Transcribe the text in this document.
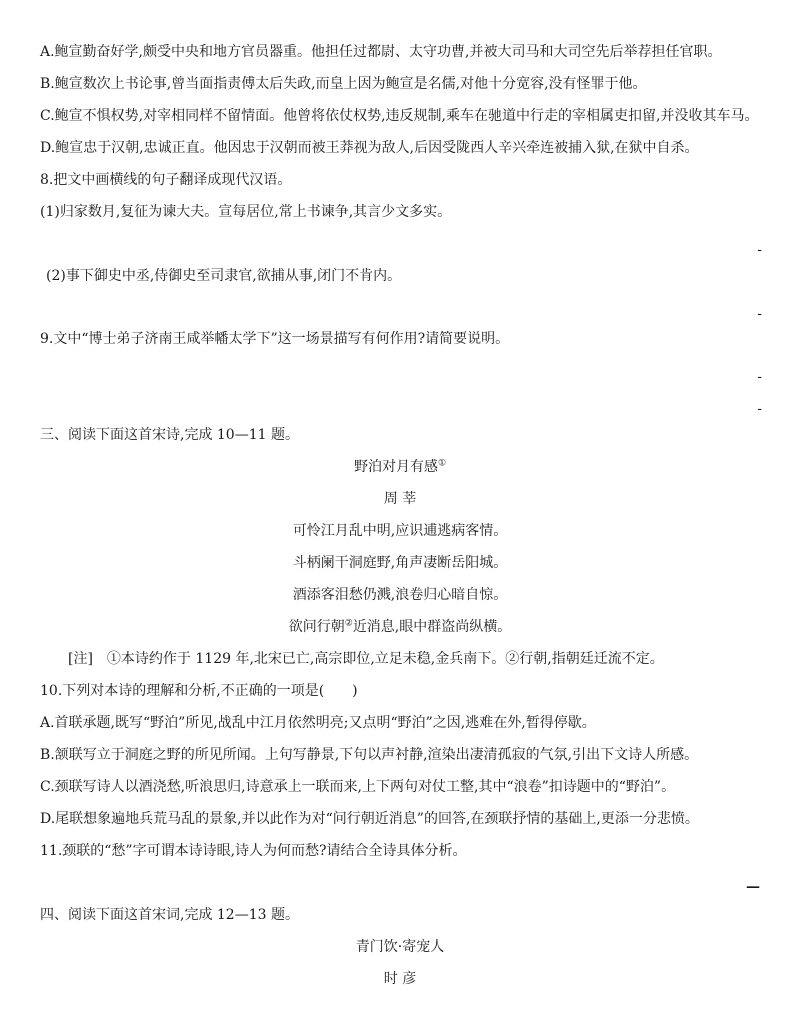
A.鲍宣勤奋好学,颇受中央和地方官员器重。他担任过都尉、太守功曹,并被大司马和大司空先后举荐担任官职。
B.鲍宣数次上书论事,曾当面指责傅太后失政,而皇上因为鲍宣是名儒,对他十分宽容,没有怪罪于他。
C.鲍宣不惧权势,对宰相同样不留情面。他曾将依仗权势,违反规制,乘车在驰道中行走的宰相属吏扣留,并没收其车马。
D.鲍宣忠于汉朝,忠诚正直。他因忠于汉朝而被王莽视为敌人,后因受陇西人辛兴牵连被捕入狱,在狱中自杀。
8.把文中画横线的句子翻译成现代汉语。
(1)归家数月,复征为谏大夫。宣每居位,常上书谏争,其言少文多实。
-
(2)事下御史中丞,侍御史至司隶官,欲捕从事,闭门不肯内。
-
9.文中“博士弟子济南王咸举幡太学下”这一场景描写有何作用?请简要说明。
-
-
三、阅读下面这首宋诗,完成 10—11 题。
野泊对月有感①
周 莘
可怜江月乱中明,应识逋逃病客情。
斗柄阑干洞庭野,角声凄断岳阳城。
酒添客泪愁仍溅,浪卷归心暗自惊。
欲问行朝②近消息,眼中群盗尚纵横。
[注]　①本诗约作于 1129 年,北宋已亡,高宗即位,立足未稳,金兵南下。②行朝,指朝廷迁流不定。
10.下列对本诗的理解和分析,不正确的一项是(　　)
A.首联承题,既写“野泊”所见,战乱中江月依然明亮;又点明“野泊”之因,逃难在外,暂得停歇。
B.颔联写立于洞庭之野的所见所闻。上句写静景,下句以声衬静,渲染出凄清孤寂的气氛,引出下文诗人所感。
C.颈联写诗人以酒浇愁,听浪思归,诗意承上一联而来,上下两句对仗工整,其中“浪卷”扣诗题中的“野泊”。
D.尾联想象遍地兵荒马乱的景象,并以此作为对“问行朝近消息”的回答,在颈联抒情的基础上,更添一分悲愤。
11.颈联的“愁”字可谓本诗诗眼,诗人为何而愁?请结合全诗具体分析。
—
四、阅读下面这首宋词,完成 12—13 题。
青门饮·寄宠人
时 彦
